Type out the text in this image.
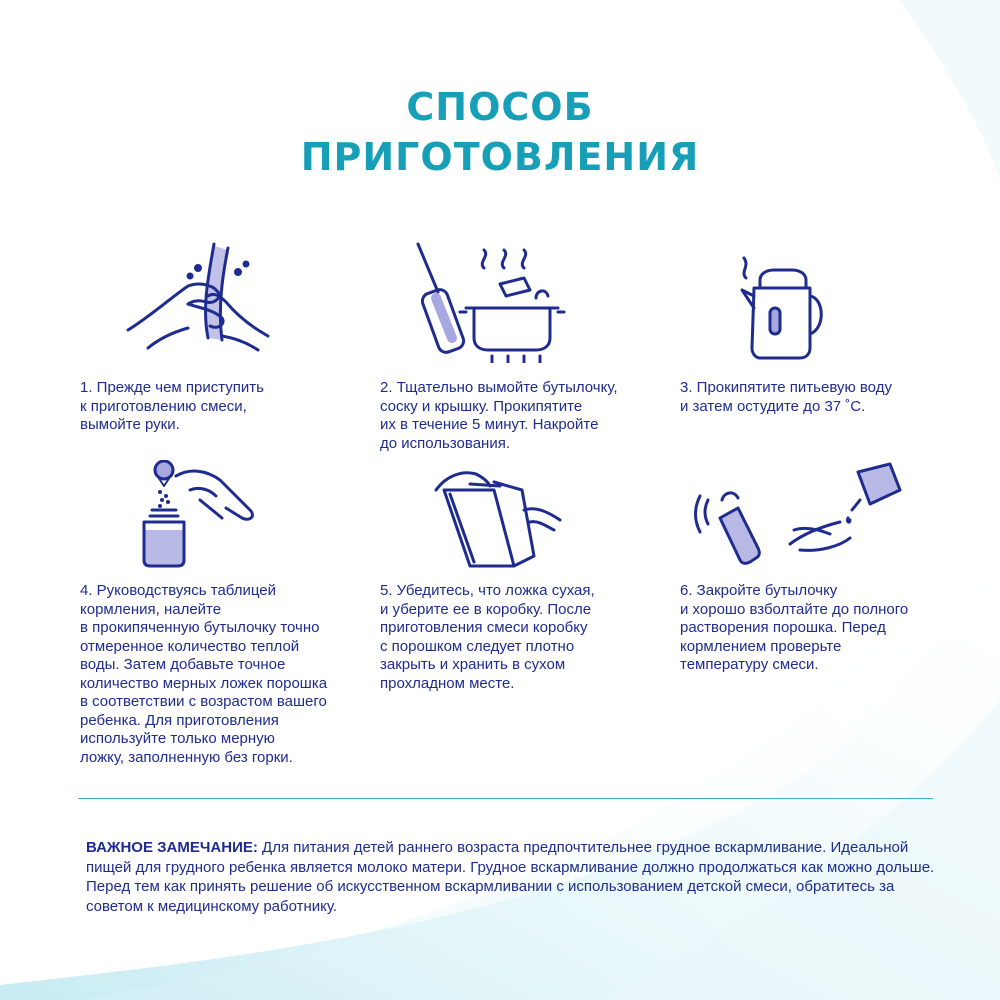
СПОСОБ
ПРИГОТОВЛЕНИЯ
1. Прежде чем приступить
к приготовлению смеси,
вымойте руки.
2. Тщательно вымойте бутылочку,
соску и крышку. Прокипятите
их в течение 5 минут. Накройте
до использования.
3. Прокипятите питьевую воду
и затем остудите до 37 ˚С.
4. Руководствуясь таблицей
кормления, налейте
в прокипяченную бутылочку точно
отмеренное количество теплой
воды. Затем добавьте точное
количество мерных ложек порошка
в соответствии с возрастом вашего
ребенка. Для приготовления
используйте только мерную
ложку, заполненную без горки.
5. Убедитесь, что ложка сухая,
и уберите ее в коробку. После
приготовления смеси коробку
с порошком следует плотно
закрыть и хранить в сухом
прохладном месте.
6. Закройте бутылочку
и хорошо взболтайте до полного
растворения порошка. Перед
кормлением проверьте
температуру смеси.
ВАЖНОЕ ЗАМЕЧАНИЕ: Для питания детей раннего возраста предпочтительнее грудное вскармливание. Идеальной пищей для грудного ребенка является молоко матери. Грудное вскармливание должно продолжаться как можно дольше. Перед тем как принять решение об искусственном вскармливании с использованием детской смеси, обратитесь за советом к медицинскому работнику.
